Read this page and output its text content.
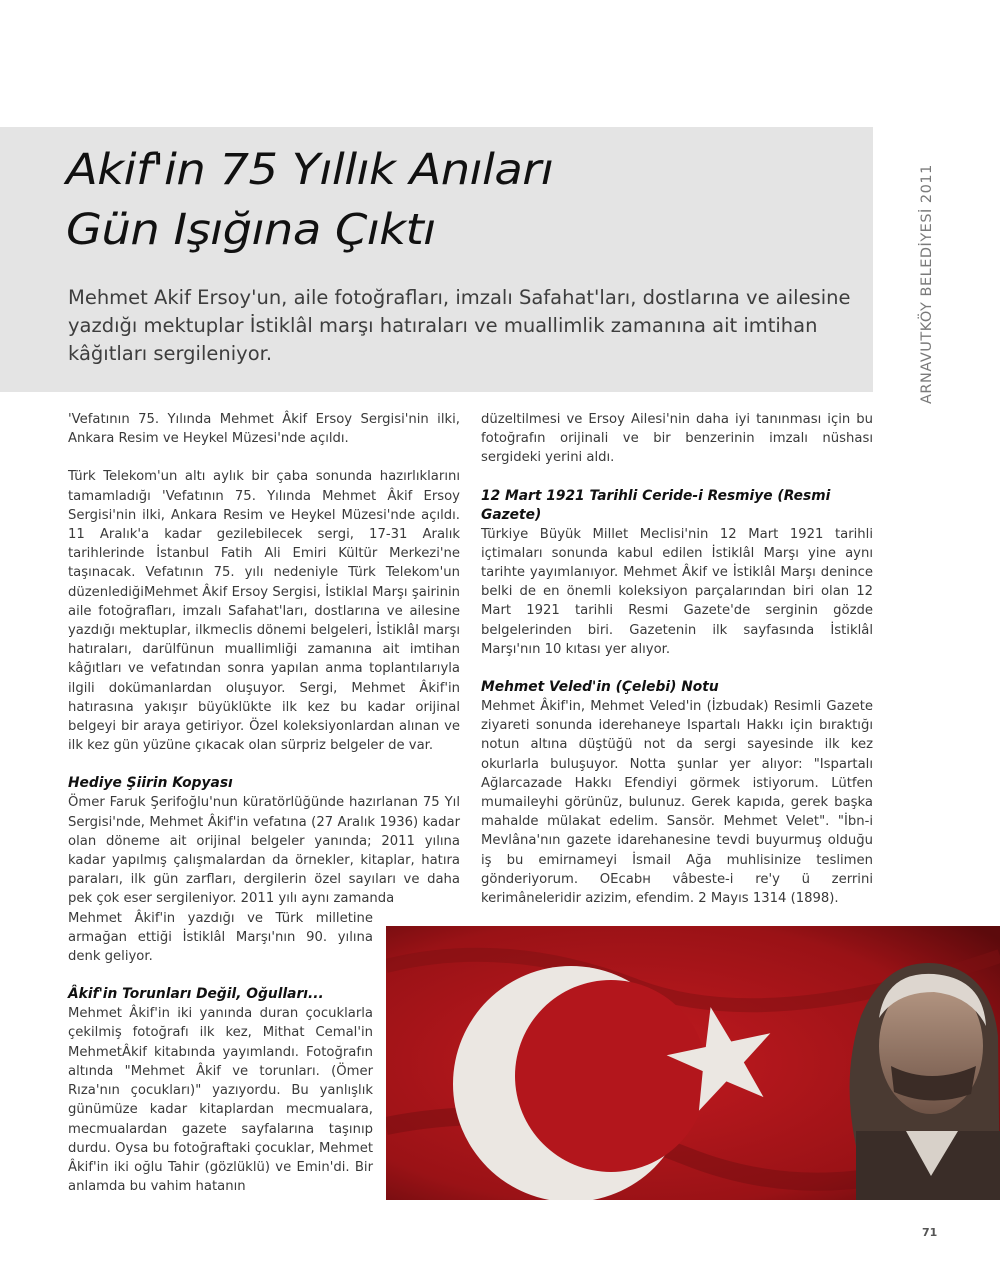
Akif'in 75 Yıllık Anıları
Gün Işığına Çıktı

Mehmet Akif Ersoy'un, aile fotoğrafları, imzalı Safahat'ları, dostlarına ve ailesine yazdığı mektuplar İstiklâl marşı hatıraları ve muallimlik zamanına ait imtihan kâğıtları sergileniyor.	ARNAVUTKÖY BELEDİYESİ 2011

'Vefatının 75. Yılında Mehmet Âkif Ersoy Sergisi'nin ilki, Ankara Resim ve Heykel Müzesi'nde açıldı.

Türk Telekom'un altı aylık bir çaba sonunda hazırlıklarını tamamladığı 'Vefatının 75. Yılında Mehmet Âkif Ersoy Sergisi'nin ilki, Ankara Resim ve Heykel Müzesi'nde açıldı. 11 Aralık'a kadar gezilebilecek sergi, 17-31 Aralık tarihlerinde İstanbul Fatih Ali Emiri Kültür Merkezi'ne taşınacak. Vefatının 75. yılı nedeniyle Türk Telekom'un düzenlediğiMehmet Âkif Ersoy Sergisi, İstiklal Marşı şairinin aile fotoğrafları, imzalı Safahat'ları, dostlarına ve ailesine yazdığı mektuplar, ilkmeclis dönemi belgeleri, İstiklâl marşı hatıraları, darülfünun muallimliği zamanına ait imtihan kâğıtları ve vefatından sonra yapılan anma toplantılarıyla ilgili dokümanlardan oluşuyor. Sergi, Mehmet Âkif'in hatırasına yakışır büyüklükte ilk kez bu kadar orijinal belgeyi bir araya getiriyor. Özel koleksiyonlardan alınan ve ilk kez gün yüzüne çıkacak olan sürpriz belgeler de var.

Hediye Şiirin Kopyası

Ömer Faruk Şerifoğlu'nun küratörlüğünde hazırlanan 75 Yıl Sergisi'nde, Mehmet Âkif'in vefatına (27 Aralık 1936) kadar olan döneme ait orijinal belgeler yanında; 2011 yılına kadar yapılmış çalışmalardan da örnekler, kitaplar, hatıra paraları, ilk gün zarfları, dergilerin özel sayıları ve daha pek çok eser sergileniyor. 2011 yılı aynı zamanda

Mehmet Âkif'in yazdığı ve Türk milletine armağan ettiği İstiklâl Marşı'nın 90. yılına denk geliyor.

Âkif'in Torunları Değil, Oğulları...

Mehmet Âkif'in iki yanında duran çocuklarla çekilmiş fotoğrafı ilk kez, Mithat Cemal'in MehmetÂkif kitabında yayımlandı. Fotoğrafın altında "Mehmet Âkif ve torunları. (Ömer Rıza'nın çocukları)" yazıyordu. Bu yanlışlık günümüze kadar kitaplardan mecmualara, mecmualardan gazete sayfalarına taşınıp durdu. Oysa bu fotoğraftaki çocuklar, Mehmet Âkif'in iki oğlu Tahir (gözlüklü) ve Emin'di. Bir anlamda bu vahim hatanın

düzeltilmesi ve Ersoy Ailesi'nin daha iyi tanınması için bu fotoğrafın orijinali ve bir benzerinin imzalı nüshası sergideki yerini aldı.

12 Mart 1921 Tarihli Ceride-i Resmiye (Resmi Gazete)

Türkiye Büyük Millet Meclisi'nin 12 Mart 1921 tarihli içtimaları sonunda kabul edilen İstiklâl Marşı yine aynı tarihte yayımlanıyor. Mehmet Âkif ve İstiklâl Marşı denince belki de en önemli koleksiyon parçalarından biri olan 12 Mart 1921 tarihli Resmi Gazete'de serginin gözde belgelerinden biri. Gazetenin ilk sayfasında İstiklâl Marşı'nın 10 kıtası yer alıyor.

Mehmet Veled'in (Çelebi) Notu

Mehmet Âkif'in, Mehmet Veled'in (İzbudak) Resimli Gazete ziyareti sonunda iderehaneye Ispartalı Hakkı için bıraktığı notun altına düştüğü not da sergi sayesinde ilk kez okurlarla buluşuyor. Notta şunlar yer alıyor: "Ispartalı Ağlarcazade Hakkı Efendiyi görmek istiyorum. Lütfen mumaileyhi görünüz, bulunuz. Gerek kapıda, gerek başka mahalde mülakat edelim. Sansör. Mehmet Velet". "İbn-i Mevlâna'nın gazete idarehanesine tevdi buyurmuş olduğu iş bu emirnameyi İsmail Ağa muhlisinize teslimen gönderiyorum. OEcabн vâbeste-i re'y ü zerrini kerimâneleridir azizim, efendim. 2 Mayıs 1314 (1898).

71
